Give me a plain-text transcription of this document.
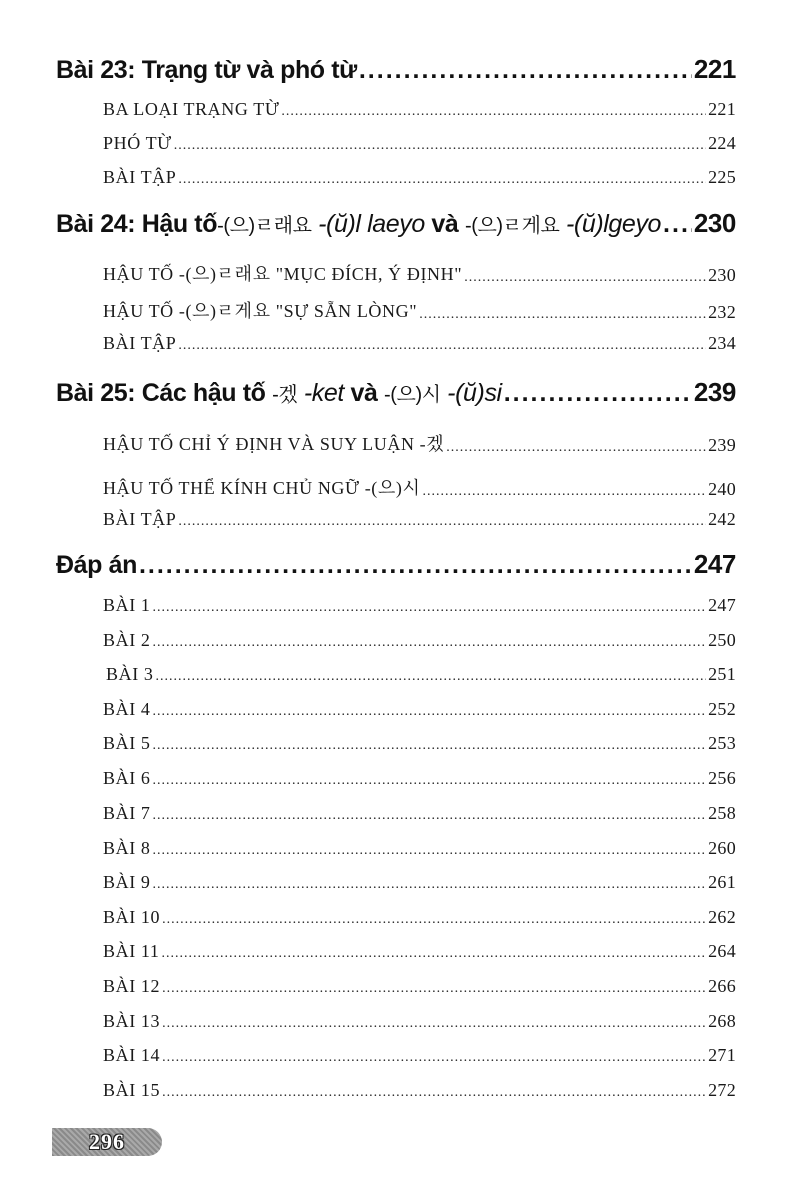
Bài 23: Trạng từ và phó từ .....	221
BA LOẠI TRẠNG TỪ .....	221
PHÓ TỪ .....	224
BÀI TẬP .....	225
Bài 24: Hậu tố-(으)ㄹ래요 -(ŭ)l laeyo và -(으)ㄹ게요 -(ŭ)lgeyo ..... 230
HẬU TỐ -(으)ㄹ래요 "MỤC ĐÍCH, Ý ĐỊNH" .....	230
HẬU TỐ -(으)ㄹ게요 "SỰ SẴN LÒNG" .....	232
BÀI TẬP .....	234
Bài 25: Các hậu tố -겠 -ket và -(으)시 -(ŭ)si .....	239
HẬU TỐ CHỈ Ý ĐỊNH VÀ SUY LUẬN -겠 .....	239
HẬU TỐ THỂ KÍNH CHỦ NGỮ -(으)시 .....	240
BÀI TẬP .....	242
Đáp án .....	247
BÀI 1 .....	247
BÀI 2 .....	250
BÀI 3 .....	251
BÀI 4 .....	252
BÀI 5 .....	253
BÀI 6 .....	256
BÀI 7 .....	258
BÀI 8 .....	260
BÀI 9 .....	261
BÀI 10 .....	262
BÀI 11 .....	264
BÀI 12 .....	266
BÀI 13 .....	268
BÀI 14 .....	271
BÀI 15 .....	272
296
